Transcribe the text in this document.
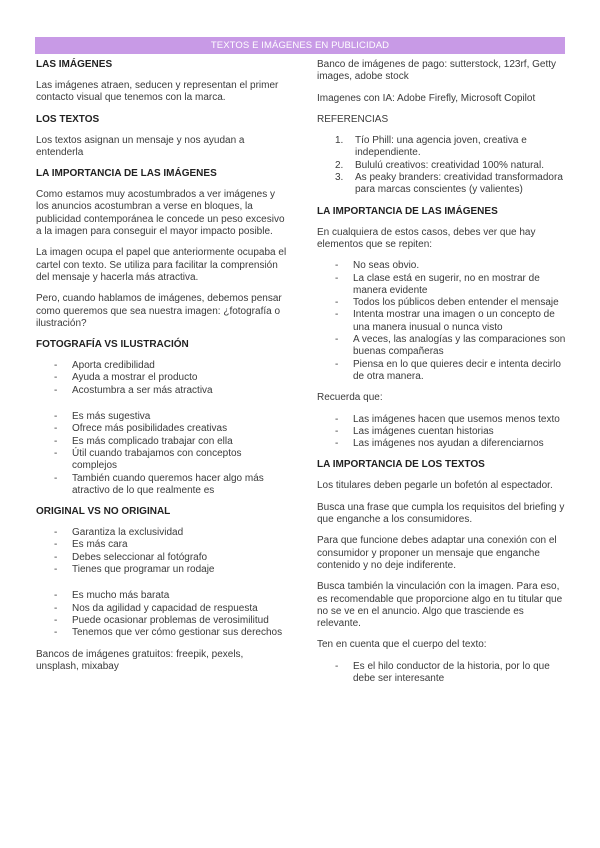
TEXTOS E IMÁGENES EN PUBLICIDAD
LAS IMÁGENES

Las imágenes atraen, seducen y representan el primer contacto visual que tenemos con la marca.

LOS TEXTOS

Los textos asignan un mensaje y nos ayudan a entenderla

LA IMPORTANCIA DE LAS IMÁGENES

Como estamos muy acostumbrados a ver imágenes y los anuncios acostumbran a verse en bloques, la publicidad contemporánea le concede un peso excesivo a la imagen para conseguir el mayor impacto posible.

La imagen ocupa el papel que anteriormente ocupaba el cartel con texto. Se utiliza para facilitar la comprensión del mensaje y hacerla más atractiva.

Pero, cuando hablamos de imágenes, debemos pensar como queremos que sea nuestra imagen: ¿fotografía o ilustración?

FOTOGRAFÍA VS ILUSTRACIÓN
- Aporta credibilidad
- Ayuda a mostrar el producto
- Acostumbra a ser más atractiva
- Es más sugestiva
- Ofrece más posibilidades creativas
- Es más complicado trabajar con ella
- Útil cuando trabajamos con conceptos complejos
- También cuando queremos hacer algo más atractivo de lo que realmente es
ORIGINAL VS NO ORIGINAL
- Garantiza la exclusividad
- Es más cara
- Debes seleccionar al fotógrafo
- Tienes que programar un rodaje
- Es mucho más barata
- Nos da agilidad y capacidad de respuesta
- Puede ocasionar problemas de verosimilitud
- Tenemos que ver cómo gestionar sus derechos

Bancos de imágenes gratuitos: freepik, pexels, unsplash, mixabay

Banco de imágenes de pago: sutterstock, 123rf, Getty images, adobe stock

Imagenes con IA: Adobe Firefly, Microsoft Copilot

REFERENCIAS

1. Tío Phill: una agencia joven, creativa e independiente.
2. Bululú creativos: creatividad 100% natural.
3. As peaky branders: creatividad transformadora para marcas conscientes (y valientes)
LA IMPORTANCIA DE LAS IMÁGENES

En cualquiera de estos casos, debes ver que hay elementos que se repiten:

- No seas obvio.
- La clase está en sugerir, no en mostrar de manera evidente
- Todos los públicos deben entender el mensaje
- Intenta mostrar una imagen o un concepto de una manera inusual o nunca visto
- A veces, las analogías y las comparaciones son buenas compañeras
- Piensa en lo que quieres decir e intenta decirlo de otra manera.

Recuerda que:

- Las imágenes hacen que usemos menos texto
- Las imágenes cuentan historias
- Las imágenes nos ayudan a diferenciarnos
LA IMPORTANCIA DE LOS TEXTOS

Los titulares deben pegarle un bofetón al espectador.

Busca una frase que cumpla los requisitos del briefing y que enganche a los consumidores.

Para que funcione debes adaptar una conexión con el consumidor y proponer un mensaje que enganche contenido y no deje indiferente.

Busca también la vinculación con la imagen. Para eso, es recomendable que proporcione algo en tu titular que no se ve en el anuncio. Algo que trasciende es relevante.

Ten en cuenta que el cuerpo del texto:

- Es el hilo conductor de la historia, por lo que debe ser interesante
